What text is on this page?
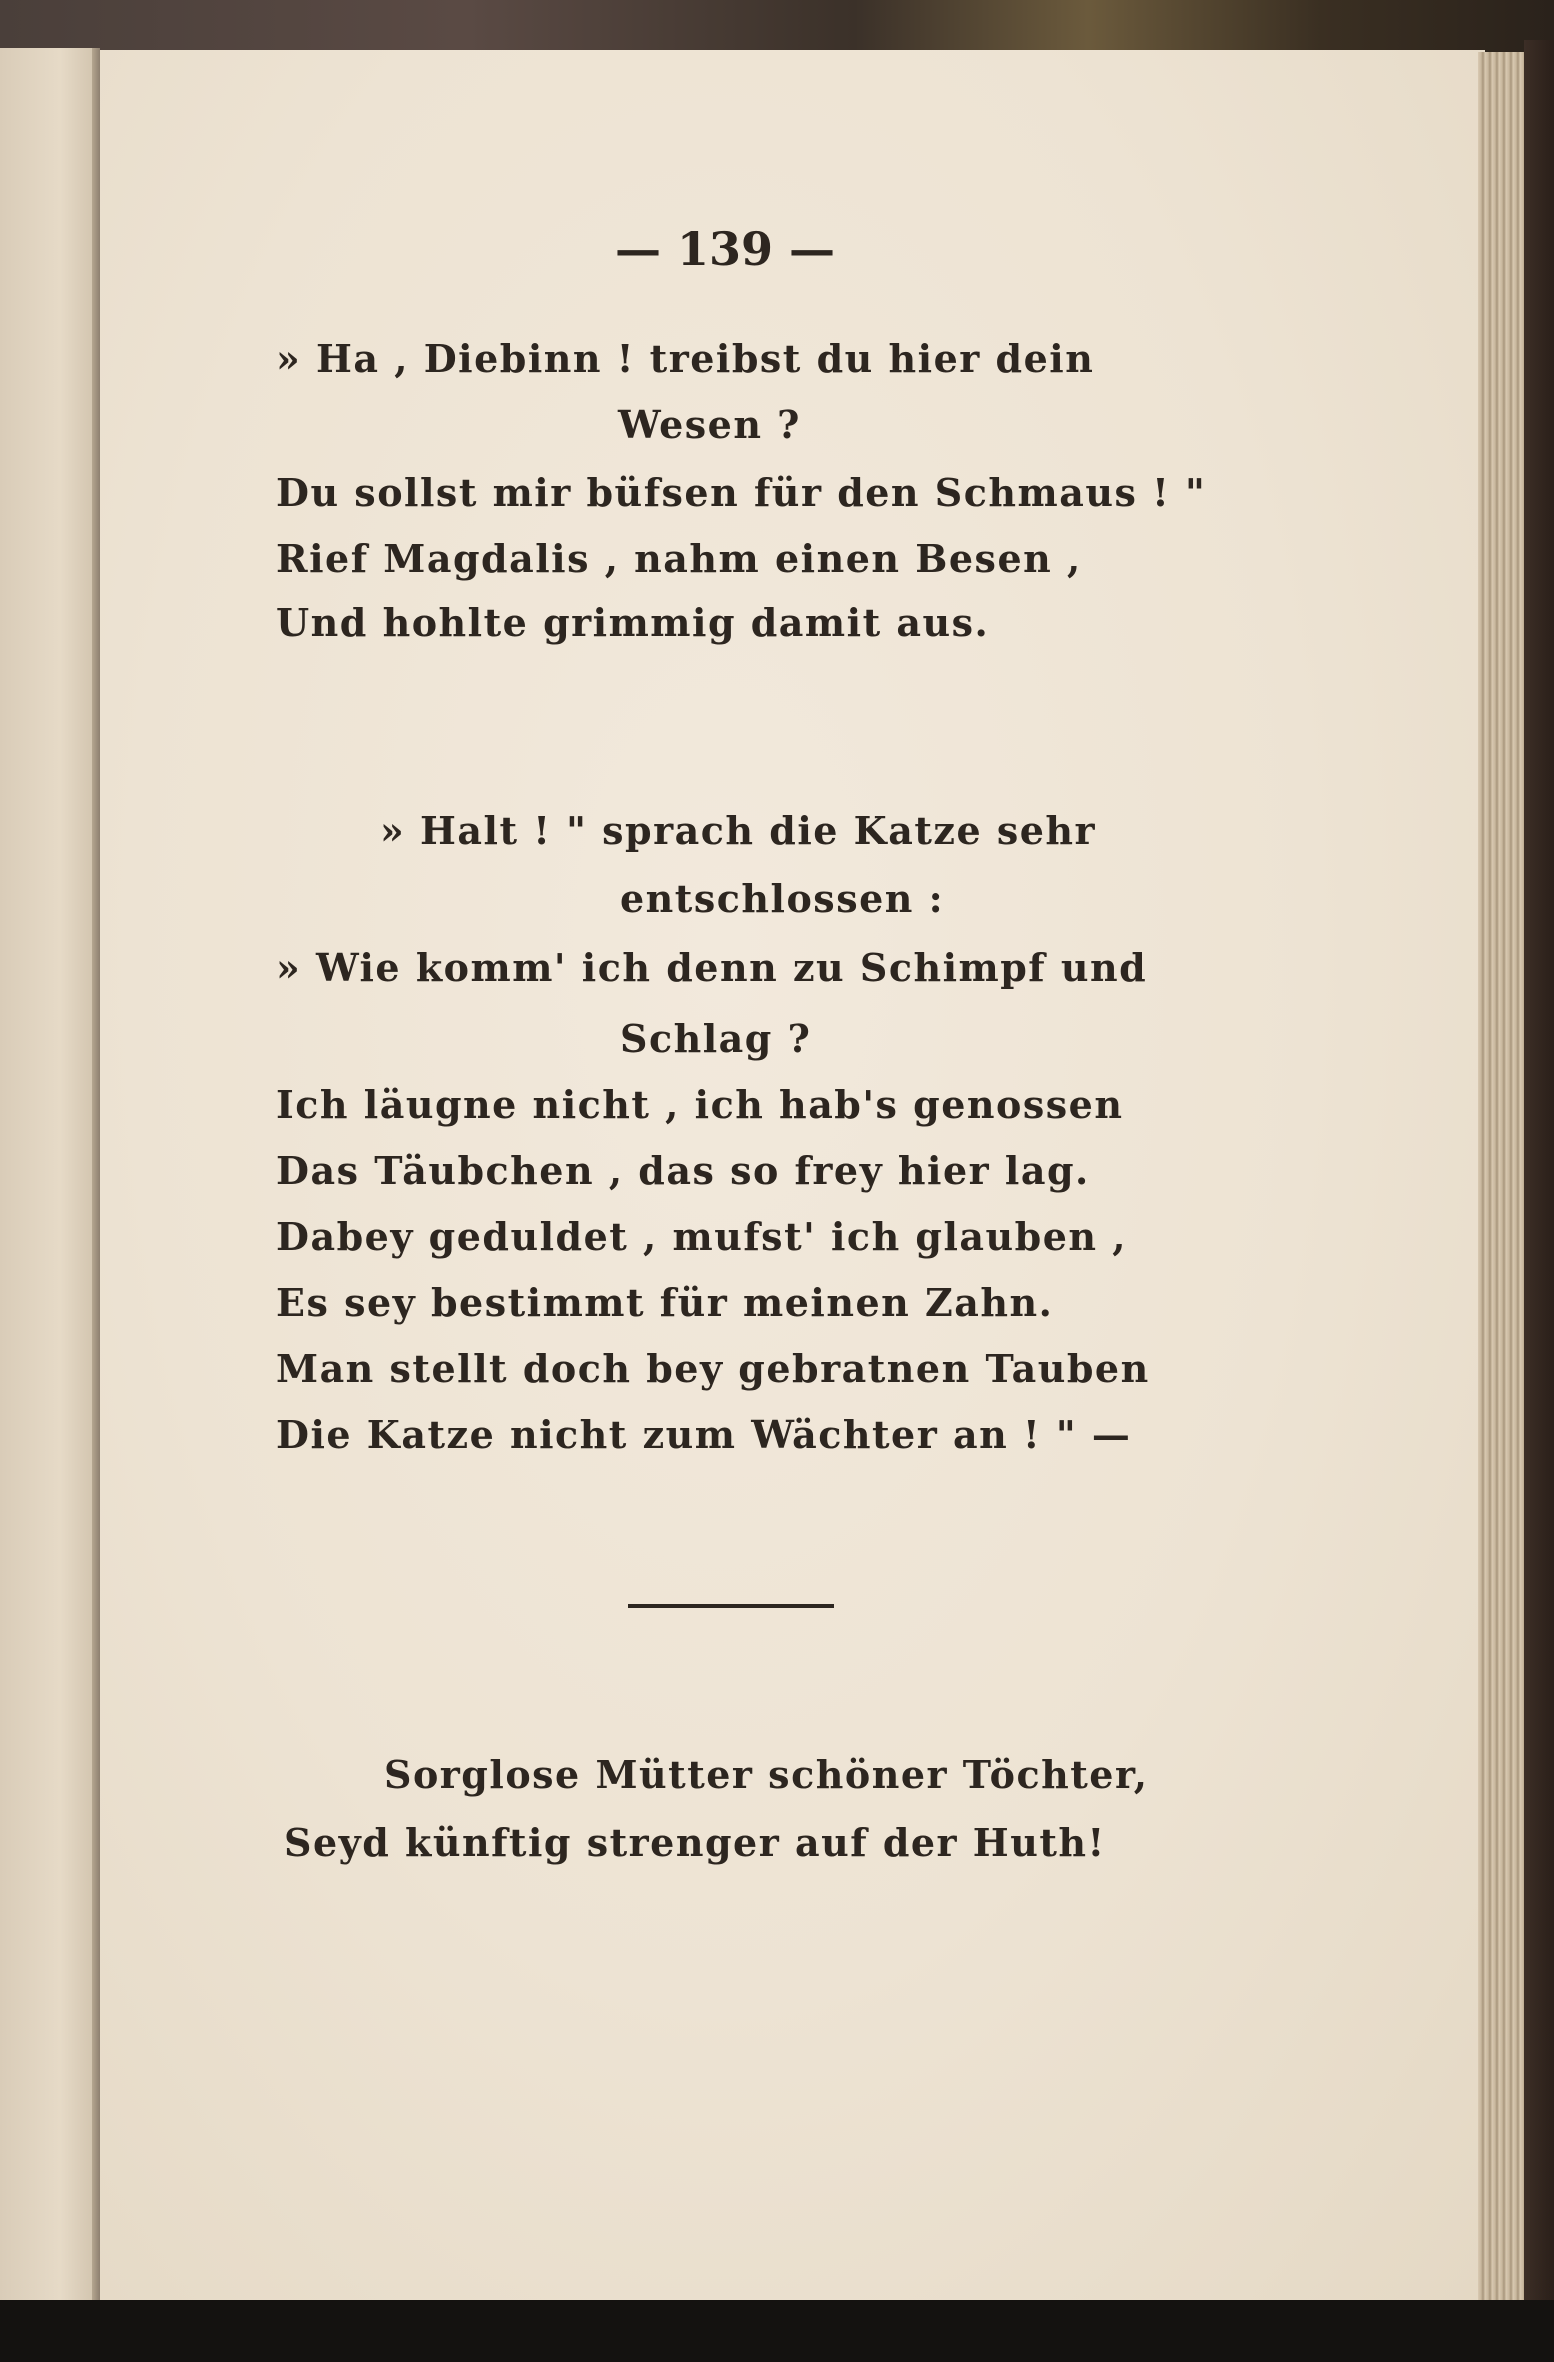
— 139 —
» Ha , Diebinn ! treibst du hier dein
Wesen ?
Du sollst mir büfsen für den Schmaus ! "
Rief Magdalis , nahm einen Besen ,
Und hohlte grimmig damit aus.
» Halt ! " sprach die Katze sehr
entschlossen :
» Wie komm' ich denn zu Schimpf und
Schlag ?
Ich läugne nicht , ich hab's genossen
Das Täubchen , das so frey hier lag.
Dabey geduldet , mufst' ich glauben ,
Es sey bestimmt für meinen Zahn.
Man stellt doch bey gebratnen Tauben
Die Katze nicht zum Wächter an ! " —
Sorglose Mütter schöner Töchter,
Seyd künftig strenger auf der Huth!
